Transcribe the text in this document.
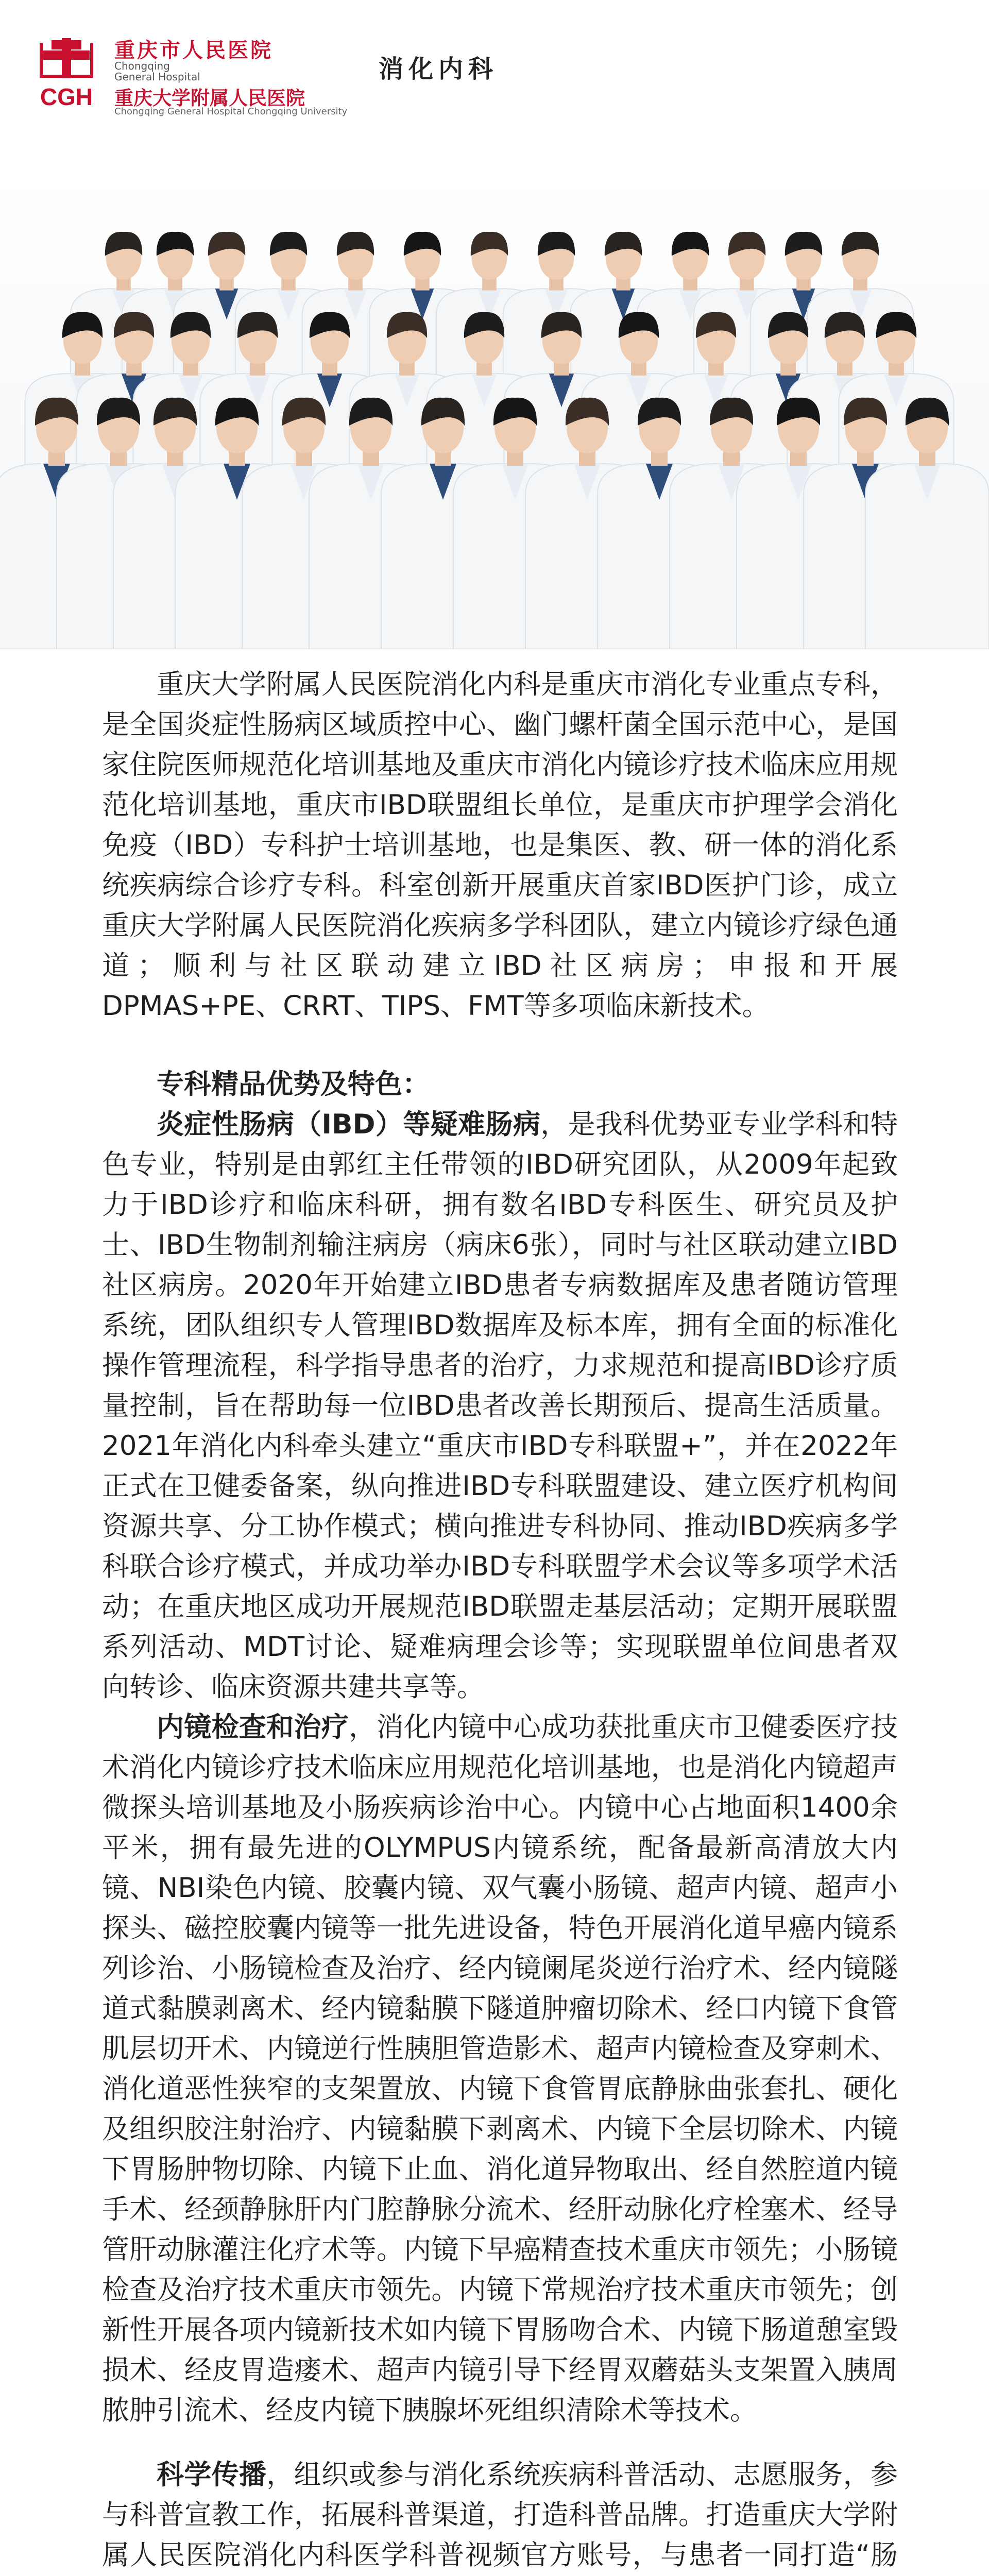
CGH
重庆市人民医院
Chongqing
General Hospital
重庆大学附属人民医院
Chongqing General Hospital Chongqing University
消化内科

重庆大学附属人民医院消化内科是重庆市消化专业重点专科，是全国炎症性肠病区域质控中心、幽门螺杆菌全国示范中心，是国家住院医师规范化培训基地及重庆市消化内镜诊疗技术临床应用规范化培训基地，重庆市IBD联盟组长单位，是重庆市护理学会消化免疫（IBD）专科护士培训基地，也是集医、教、研一体的消化系统疾病综合诊疗专科。科室创新开展重庆首家IBD医护门诊，成立重庆大学附属人民医院消化疾病多学科团队，建立内镜诊疗绿色通道；顺利与社区联动建立IBD社区病房；申报和开展DPMAS+PE、CRRT、TIPS、FMT等多项临床新技术。

专科精品优势及特色：

炎症性肠病（IBD）等疑难肠病，是我科优势亚专业学科和特色专业，特别是由郭红主任带领的IBD研究团队，从2009年起致力于IBD诊疗和临床科研，拥有数名IBD专科医生、研究员及护士、IBD生物制剂输注病房（病床6张），同时与社区联动建立IBD社区病房。2020年开始建立IBD患者专病数据库及患者随访管理系统，团队组织专人管理IBD数据库及标本库，拥有全面的标准化操作管理流程，科学指导患者的治疗，力求规范和提高IBD诊疗质量控制，旨在帮助每一位IBD患者改善长期预后、提高生活质量。2021年消化内科牵头建立“重庆市IBD专科联盟+”，并在2022年正式在卫健委备案，纵向推进IBD专科联盟建设、建立医疗机构间资源共享、分工协作模式；横向推进专科协同、推动IBD疾病多学科联合诊疗模式，并成功举办IBD专科联盟学术会议等多项学术活动；在重庆地区成功开展规范IBD联盟走基层活动；定期开展联盟系列活动、MDT讨论、疑难病理会诊等；实现联盟单位间患者双向转诊、临床资源共建共享等。

内镜检查和治疗，消化内镜中心成功获批重庆市卫健委医疗技术消化内镜诊疗技术临床应用规范化培训基地，也是消化内镜超声微探头培训基地及小肠疾病诊治中心。内镜中心占地面积1400余平米，拥有最先进的OLYMPUS内镜系统，配备最新高清放大内镜、NBI染色内镜、胶囊内镜、双气囊小肠镜、超声内镜、超声小探头、磁控胶囊内镜等一批先进设备，特色开展消化道早癌内镜系列诊治、小肠镜检查及治疗、经内镜阑尾炎逆行治疗术、经内镜隧道式黏膜剥离术、经内镜黏膜下隧道肿瘤切除术、经口内镜下食管肌层切开术、内镜逆行性胰胆管造影术、超声内镜检查及穿刺术、消化道恶性狭窄的支架置放、内镜下食管胃底静脉曲张套扎、硬化及组织胶注射治疗、内镜黏膜下剥离术、内镜下全层切除术、内镜下胃肠肿物切除、内镜下止血、消化道异物取出、经自然腔道内镜手术、经颈静脉肝内门腔静脉分流术、经肝动脉化疗栓塞术、经导管肝动脉灌注化疗术等。内镜下早癌精查技术重庆市领先；小肠镜检查及治疗技术重庆市领先。内镜下常规治疗技术重庆市领先；创新性开展各项内镜新技术如内镜下胃肠吻合术、内镜下肠道憩室毁损术、经皮胃造瘘术、超声内镜引导下经胃双蘑菇头支架置入胰周脓肿引流术、经皮内镜下胰腺坏死组织清除术等技术。

科学传播，组织或参与消化系统疾病科普活动、志愿服务，参与科普宣教工作，拓展科普渠道，打造科普品牌。打造重庆大学附属人民医院消化内科医学科普视频官方账号，与患者一同打造“肠
